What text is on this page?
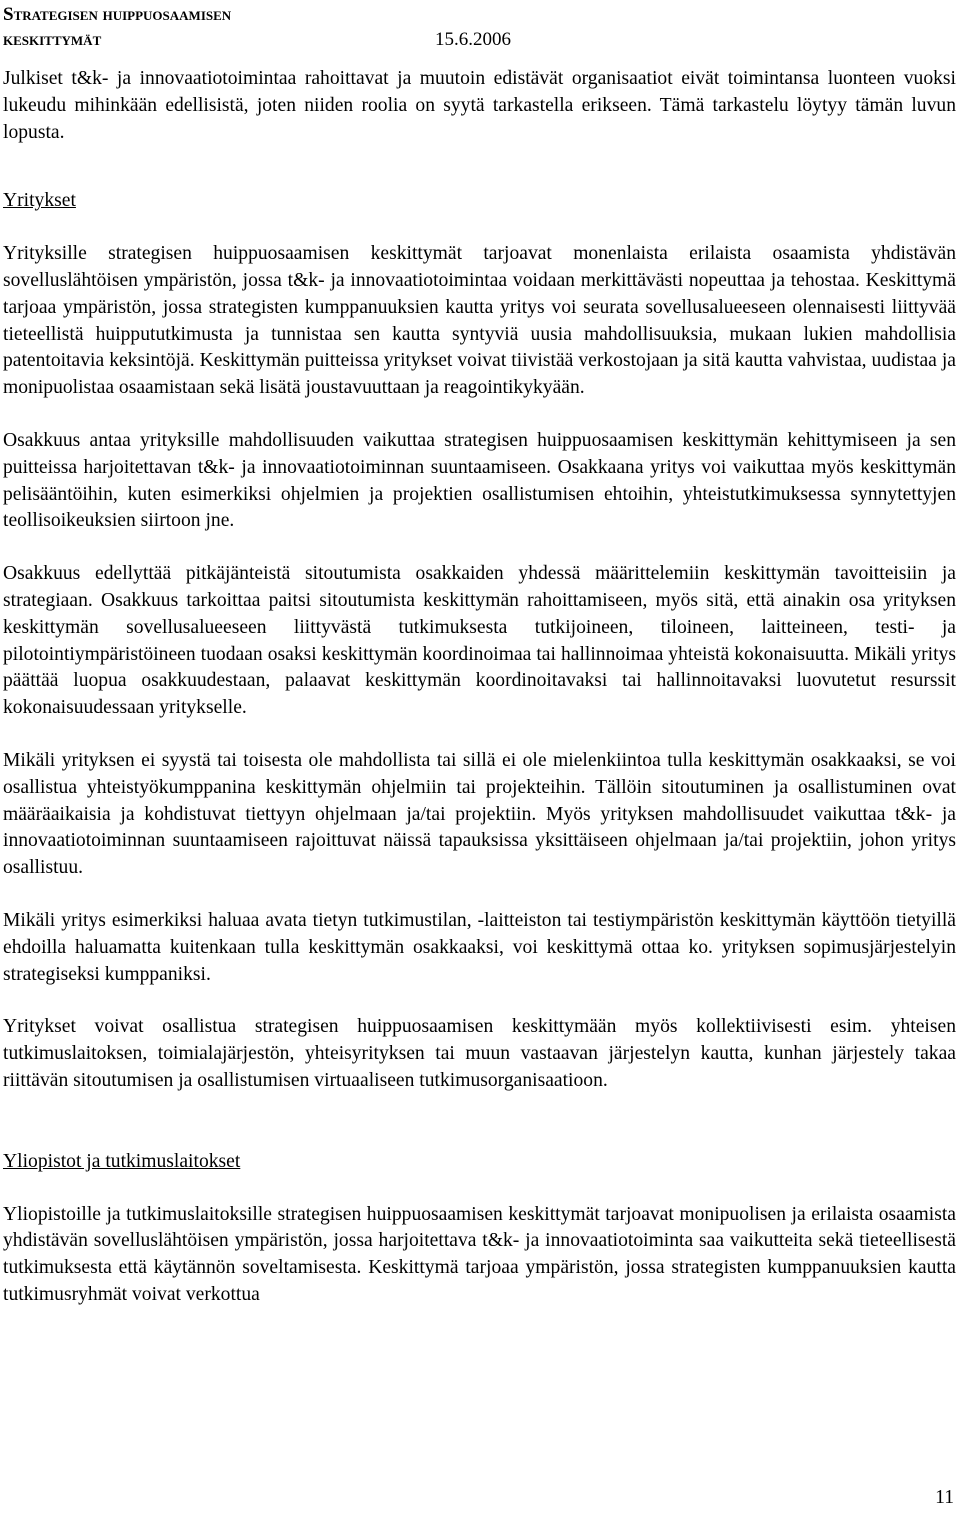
Strategisen huippuosaamisen
keskittymät	15.6.2006

Julkiset t&k- ja innovaatiotoimintaa rahoittavat ja muutoin edistävät organisaatiot eivät toimintansa luonteen vuoksi lukeudu mihinkään edellisistä, joten niiden roolia on syytä tarkastella erikseen. Tämä tarkastelu löytyy tämän luvun lopusta.

Yritykset

Yrityksille strategisen huippuosaamisen keskittymät tarjoavat monenlaista erilaista osaamista yhdistävän sovelluslähtöisen ympäristön, jossa t&k- ja innovaatiotoimintaa voidaan merkittävästi nopeuttaa ja tehostaa. Keskittymä tarjoaa ympäristön, jossa strategisten kumppanuuksien kautta yritys voi seurata sovellusalueeseen olennaisesti liittyvää tieteellistä huippututkimusta ja tunnistaa sen kautta syntyviä uusia mahdollisuuksia, mukaan lukien mahdollisia patentoitavia keksintöjä. Keskittymän puitteissa yritykset voivat tiivistää verkostojaan ja sitä kautta vahvistaa, uudistaa ja monipuolistaa osaamistaan sekä lisätä joustavuuttaan ja reagointikykyään.

Osakkuus antaa yrityksille mahdollisuuden vaikuttaa strategisen huippuosaamisen keskittymän kehittymiseen ja sen puitteissa harjoitettavan t&k- ja innovaatiotoiminnan suuntaamiseen. Osakkaana yritys voi vaikuttaa myös keskittymän pelisääntöihin, kuten esimerkiksi ohjelmien ja projektien osallistumisen ehtoihin, yhteistutkimuksessa synnytettyjen teollisoikeuksien siirtoon jne.

Osakkuus edellyttää pitkäjänteistä sitoutumista osakkaiden yhdessä määrittelemiin keskittymän tavoitteisiin ja strategiaan. Osakkuus tarkoittaa paitsi sitoutumista keskittymän rahoittamiseen, myös sitä, että ainakin osa yrityksen keskittymän sovellusalueeseen liittyvästä tutkimuksesta tutkijoineen, tiloineen, laitteineen, testi- ja pilotointiympäristöineen tuodaan osaksi keskittymän koordinoimaa tai hallinnoimaa yhteistä kokonaisuutta. Mikäli yritys päättää luopua osakkuudestaan, palaavat keskittymän koordinoitavaksi tai hallinnoitavaksi luovutetut resurssit kokonaisuudessaan yritykselle.

Mikäli yrityksen ei syystä tai toisesta ole mahdollista tai sillä ei ole mielenkiintoa tulla keskittymän osakkaaksi, se voi osallistua yhteistyökumppanina keskittymän ohjelmiin tai projekteihin. Tällöin sitoutuminen ja osallistuminen ovat määräaikaisia ja kohdistuvat tiettyyn ohjelmaan ja/tai projektiin. Myös yrityksen mahdollisuudet vaikuttaa t&k- ja innovaatiotoiminnan suuntaamiseen rajoittuvat näissä tapauksissa yksittäiseen ohjelmaan ja/tai projektiin, johon yritys osallistuu.

Mikäli yritys esimerkiksi haluaa avata tietyn tutkimustilan, -laitteiston tai testiympäristön keskittymän käyttöön tietyillä ehdoilla haluamatta kuitenkaan tulla keskittymän osakkaaksi, voi keskittymä ottaa ko. yrityksen sopimusjärjestelyin strategiseksi kumppaniksi.

Yritykset voivat osallistua strategisen huippuosaamisen keskittymään myös kollektiivisesti esim. yhteisen tutkimuslaitoksen, toimialajärjestön, yhteisyrityksen tai muun vastaavan järjestelyn kautta, kunhan järjestely takaa riittävän sitoutumisen ja osallistumisen virtuaaliseen tutkimusorganisaatioon.

Yliopistot ja tutkimuslaitokset

Yliopistoille ja tutkimuslaitoksille strategisen huippuosaamisen keskittymät tarjoavat monipuolisen ja erilaista osaamista yhdistävän sovelluslähtöisen ympäristön, jossa harjoitettava t&k- ja innovaatiotoiminta saa vaikutteita sekä tieteellisestä tutkimuksesta että käytännön soveltamisesta. Keskittymä tarjoaa ympäristön, jossa strategisten kumppanuuksien kautta tutkimusryhmät voivat verkottua

11
